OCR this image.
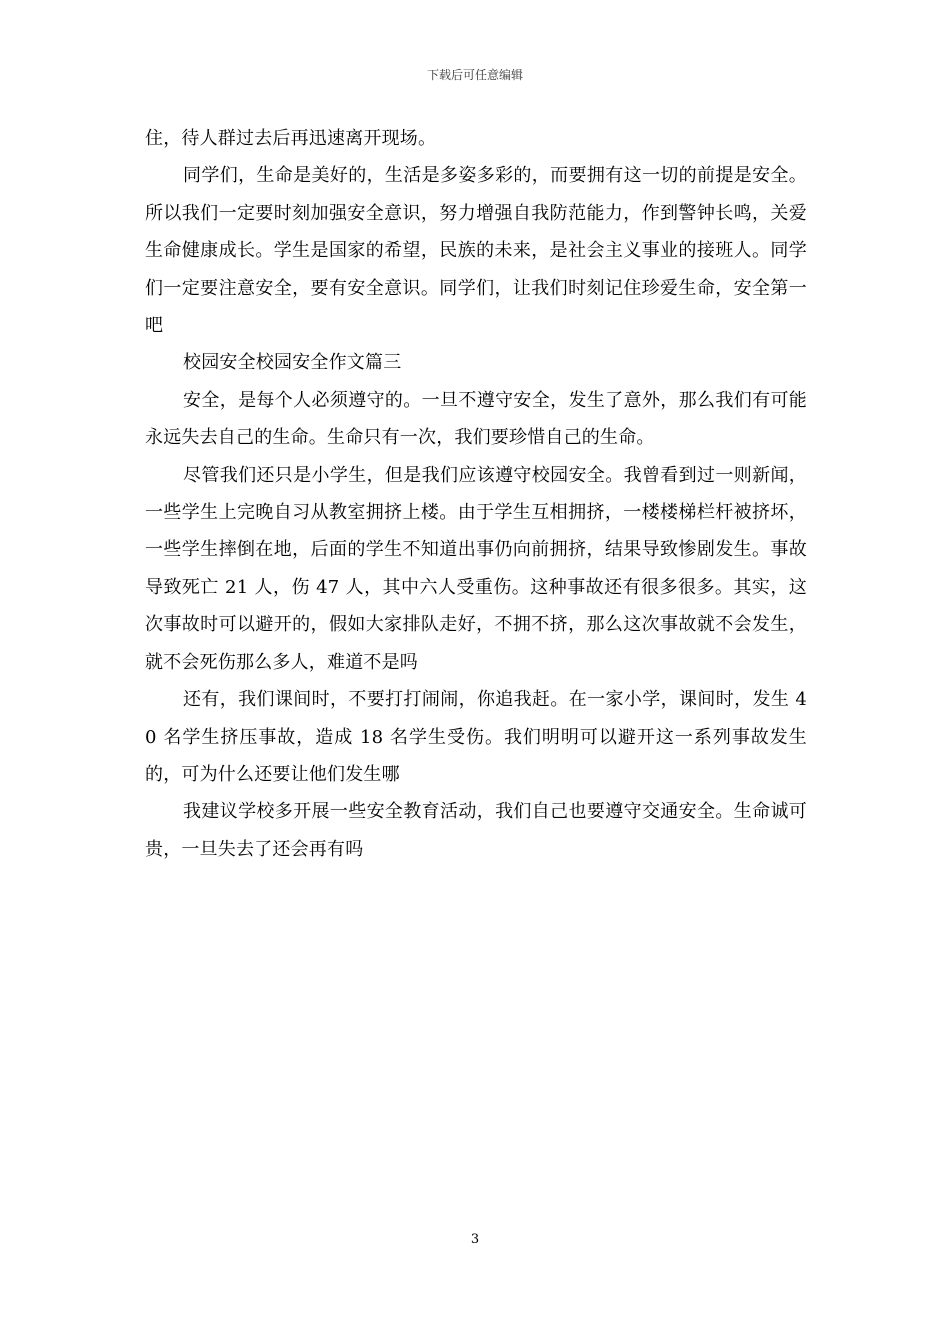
下载后可任意编辑

住，待人群过去后再迅速离开现场。

同学们，生命是美好的，生活是多姿多彩的，而要拥有这一切的前提是安全。所以我们一定要时刻加强安全意识，努力增强自我防范能力，作到警钟长鸣，关爱生命健康成长。学生是国家的希望，民族的未来，是社会主义事业的接班人。同学们一定要注意安全，要有安全意识。同学们，让我们时刻记住珍爱生命，安全第一吧

校园安全校园安全作文篇三

安全，是每个人必须遵守的。一旦不遵守安全，发生了意外，那么我们有可能永远失去自己的生命。生命只有一次，我们要珍惜自己的生命。

尽管我们还只是小学生，但是我们应该遵守校园安全。我曾看到过一则新闻，一些学生上完晚自习从教室拥挤上楼。由于学生互相拥挤，一楼楼梯栏杆被挤坏，一些学生摔倒在地，后面的学生不知道出事仍向前拥挤，结果导致惨剧发生。事故导致死亡 21 人，伤 47 人，其中六人受重伤。这种事故还有很多很多。其实，这次事故时可以避开的，假如大家排队走好，不拥不挤，那么这次事故就不会发生，就不会死伤那么多人，难道不是吗

还有，我们课间时，不要打打闹闹，你追我赶。在一家小学，课间时，发生 40 名学生挤压事故，造成 18 名学生受伤。我们明明可以避开这一系列事故发生的，可为什么还要让他们发生哪

我建议学校多开展一些安全教育活动，我们自己也要遵守交通安全。生命诚可贵，一旦失去了还会再有吗

3
